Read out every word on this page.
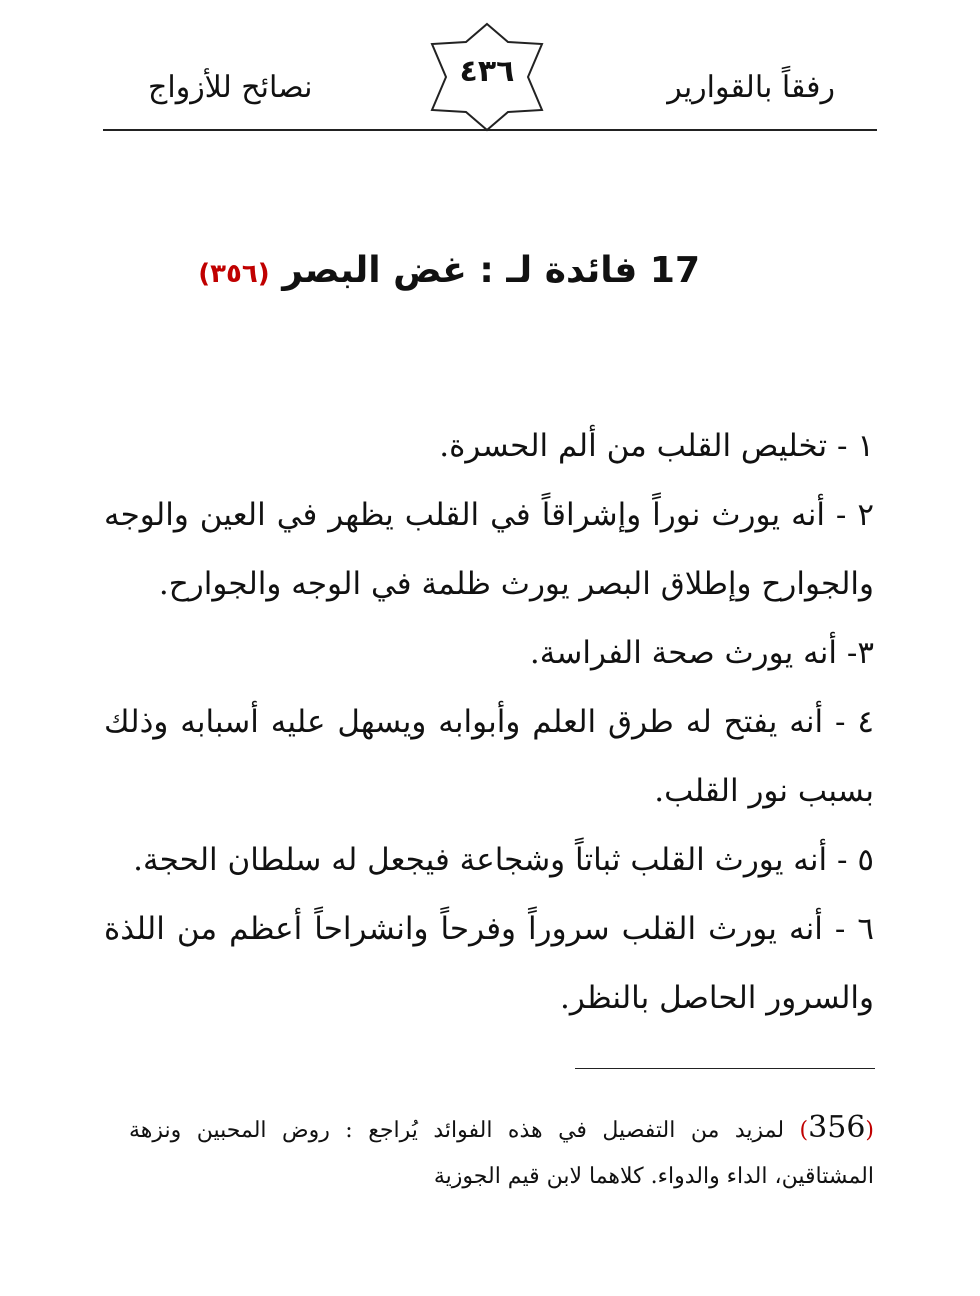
رفقاً بالقوارير
٤٣٦
نصائح للأزواج
17 فائدة لـ : غض البصر (٣٥٦)

١ - تخليص القلب من ألم الحسرة.

٢ - أنه يورث نوراً وإشراقاً في القلب يظهر في العين والوجه والجوارح وإطلاق البصر يورث ظلمة في الوجه والجوارح.

٣- أنه يورث صحة الفراسة.

٤ - أنه يفتح له طرق العلم وأبوابه ويسهل عليه أسبابه وذلك بسبب نور القلب.

٥ - أنه يورث القلب ثباتاً وشجاعة فيجعل له سلطان الحجة.

٦ - أنه يورث القلب سروراً وفرحاً وانشراحاً أعظم من اللذة والسرور الحاصل بالنظر.

(356) لمزيد من التفصيل في هذه الفوائد يُراجع : روض المحبين ونزهة المشتاقين، الداء والدواء. كلاهما لابن قيم الجوزية
